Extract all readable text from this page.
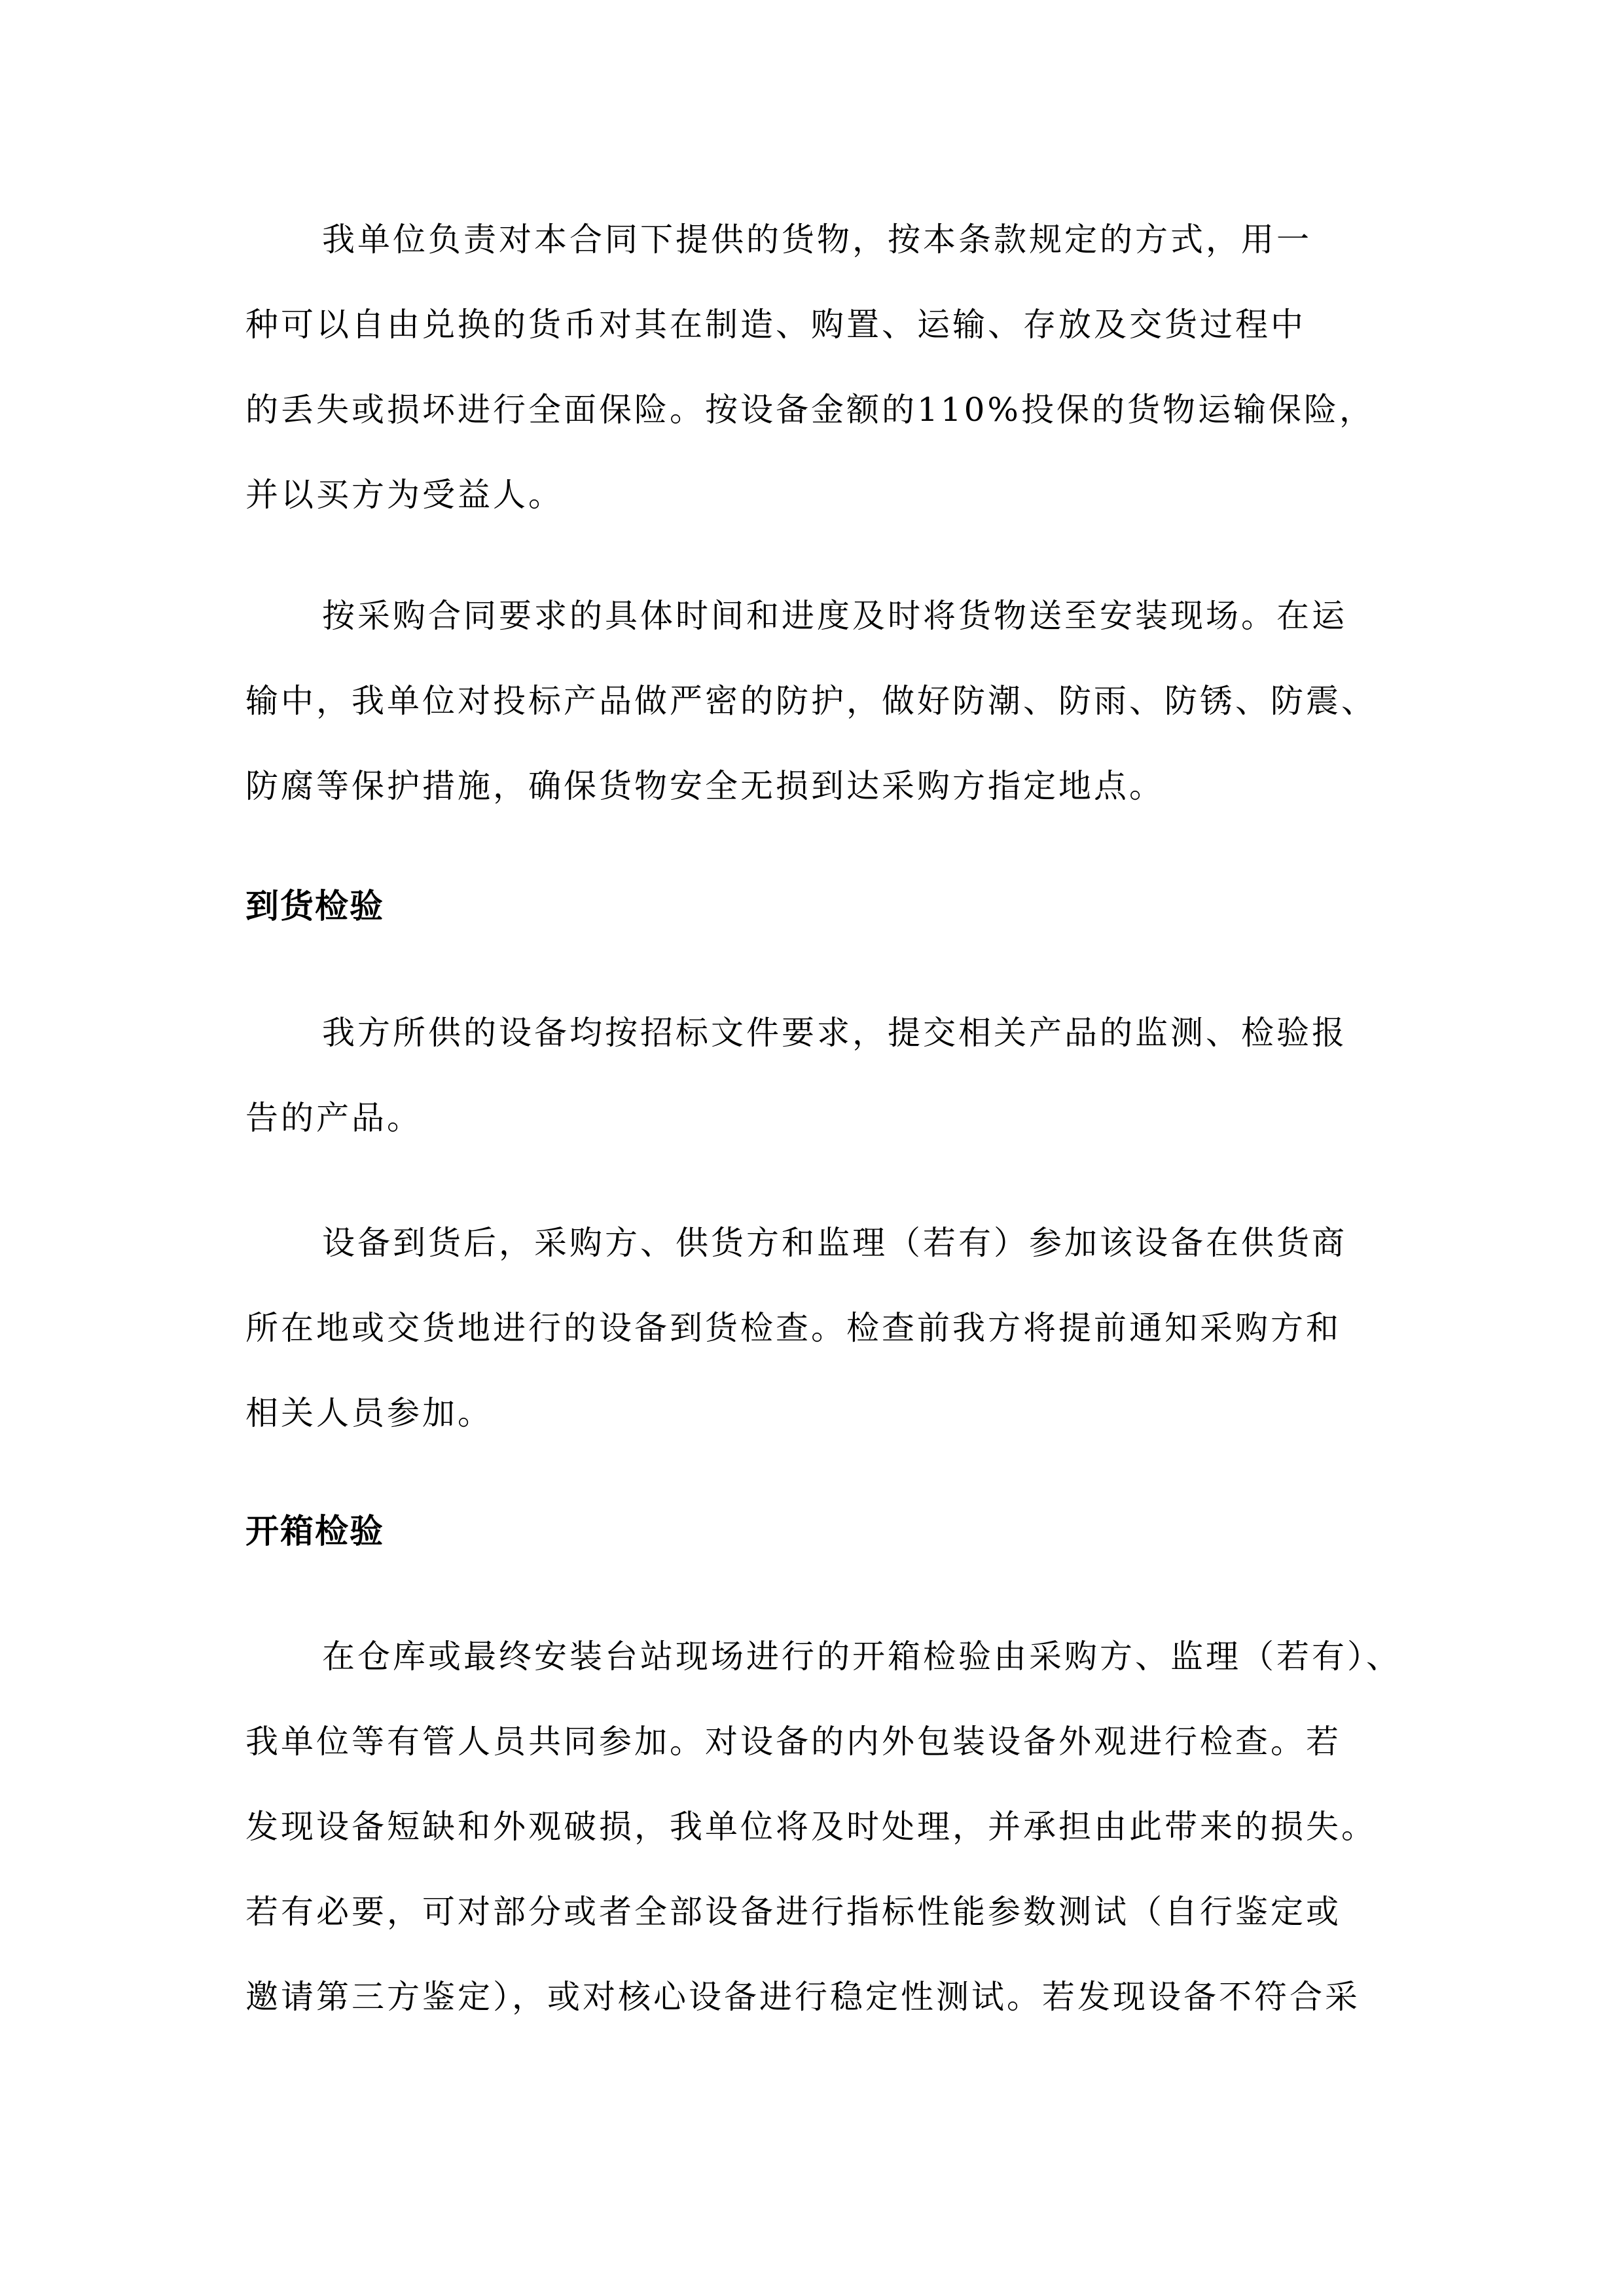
我单位负责对本合同下提供的货物，按本条款规定的方式，用一
种可以自由兑换的货币对其在制造、购置、运输、存放及交货过程中
的丢失或损坏进行全面保险。按设备金额的110%投保的货物运输保险，
并以买方为受益人。
按采购合同要求的具体时间和进度及时将货物送至安装现场。在运
输中，我单位对投标产品做严密的防护，做好防潮、防雨、防锈、防震、
防腐等保护措施，确保货物安全无损到达采购方指定地点。
到货检验
我方所供的设备均按招标文件要求，提交相关产品的监测、检验报
告的产品。
设备到货后，采购方、供货方和监理（若有）参加该设备在供货商
所在地或交货地进行的设备到货检查。检查前我方将提前通知采购方和
相关人员参加。
开箱检验
在仓库或最终安装台站现场进行的开箱检验由采购方、监理（若有）、
我单位等有管人员共同参加。对设备的内外包装设备外观进行检查。若
发现设备短缺和外观破损，我单位将及时处理，并承担由此带来的损失。
若有必要，可对部分或者全部设备进行指标性能参数测试（自行鉴定或
邀请第三方鉴定），或对核心设备进行稳定性测试。若发现设备不符合采
